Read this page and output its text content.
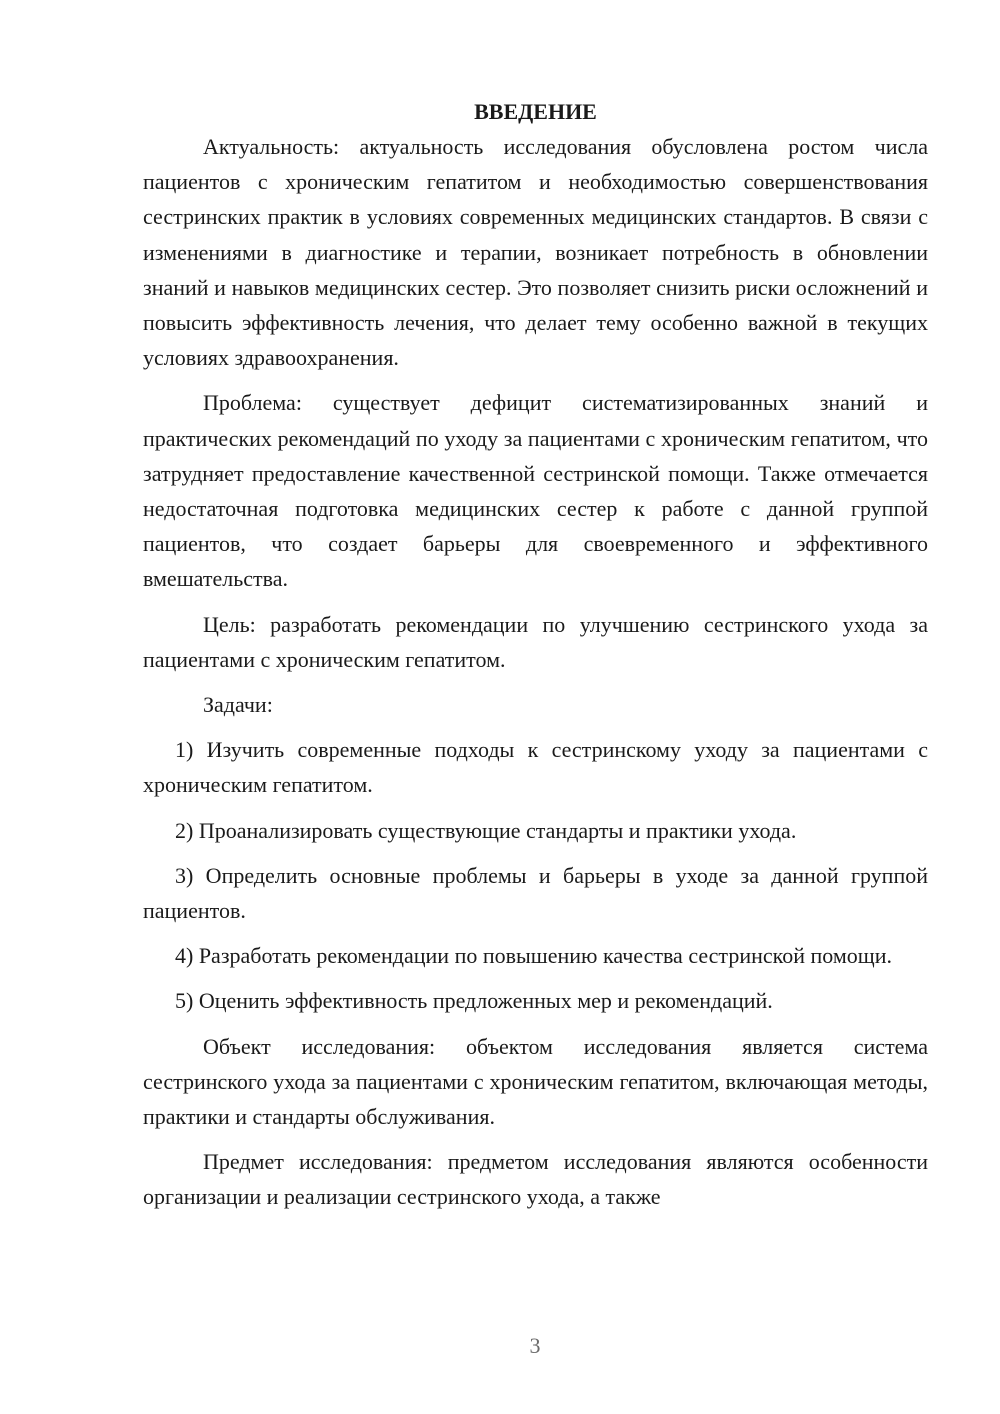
ВВЕДЕНИЕ

Актуальность: актуальность исследования обусловлена ростом числа пациентов с хроническим гепатитом и необходимостью совершенствования сестринских практик в условиях современных медицинских стандартов. В связи с изменениями в диагностике и терапии, возникает потребность в обновлении знаний и навыков медицинских сестер. Это позволяет снизить риски осложнений и повысить эффективность лечения, что делает тему особенно важной в текущих условиях здравоохранения.

Проблема: существует дефицит систематизированных знаний и практических рекомендаций по уходу за пациентами с хроническим гепатитом, что затрудняет предоставление качественной сестринской помощи. Также отмечается недостаточная подготовка медицинских сестер к работе с данной группой пациентов, что создает барьеры для своевременного и эффективного вмешательства.

Цель: разработать рекомендации по улучшению сестринского ухода за пациентами с хроническим гепатитом.

Задачи:

1) Изучить современные подходы к сестринскому уходу за пациентами с хроническим гепатитом.

2) Проанализировать существующие стандарты и практики ухода.

3) Определить основные проблемы и барьеры в уходе за данной группой пациентов.

4) Разработать рекомендации по повышению качества сестринской помощи.

5) Оценить эффективность предложенных мер и рекомендаций.

Объект исследования: объектом исследования является система сестринского ухода за пациентами с хроническим гепатитом, включающая методы, практики и стандарты обслуживания.

Предмет исследования: предметом исследования являются особенности организации и реализации сестринского ухода, а также

3
